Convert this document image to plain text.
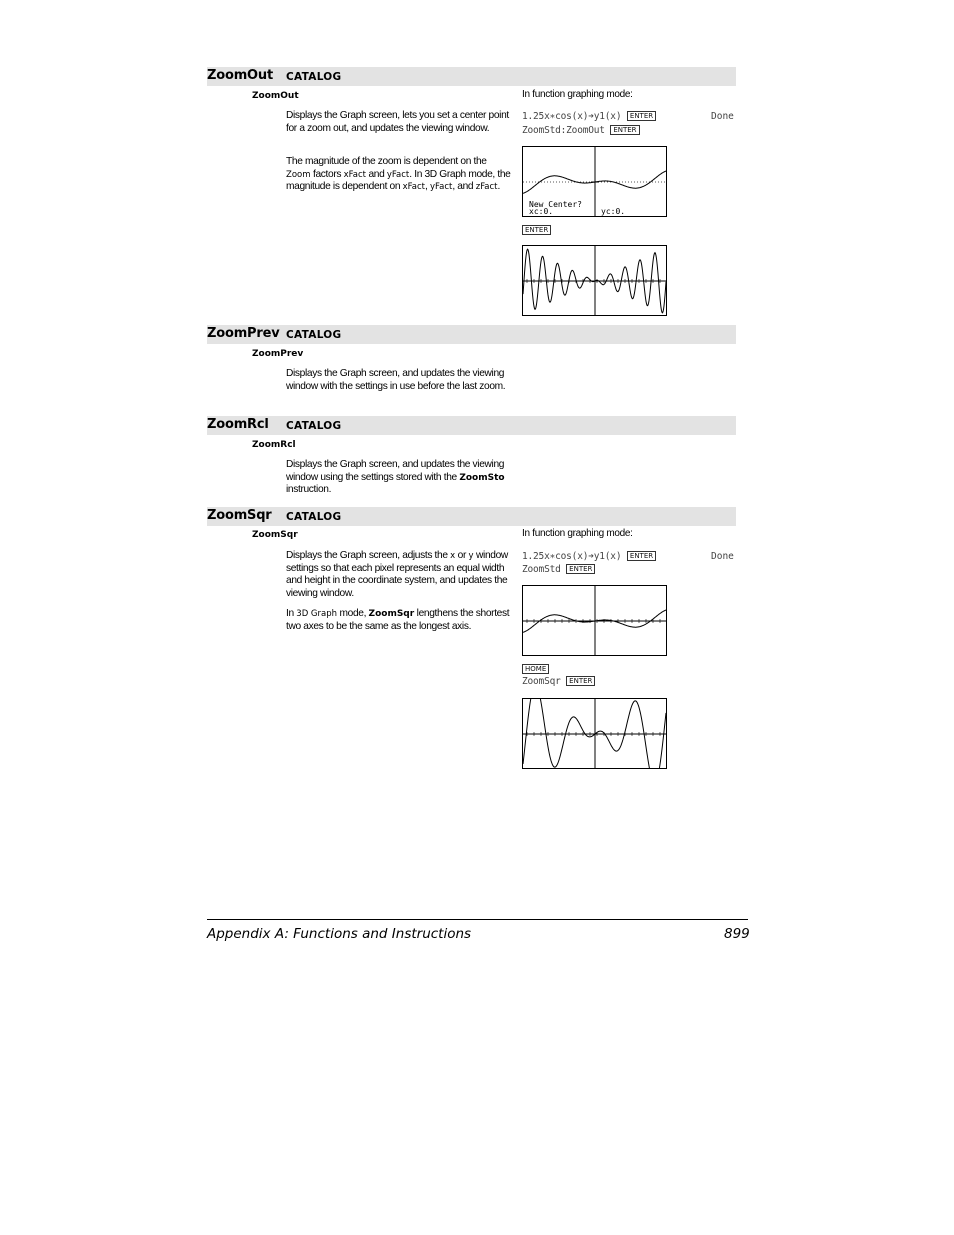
ZoomOut CATALOG
ZoomOut

Displays the Graph screen, lets you set a center point for a zoom out, and updates the viewing window.

The magnitude of the zoom is dependent on the Zoom factors xFact and yFact. In 3D Graph mode, the magnitude is dependent on xFact, yFact, and zFact.

In function graphing mode:
1.25x∗cos(x)➔y1(x) ENTER	Done
ZoomStd:ZoomOut ENTER
New Center?
xc:0.	yc:0.
ENTER
ZoomPrev CATALOG
ZoomPrev

Displays the Graph screen, and updates the viewing window with the settings in use before the last zoom.

ZoomRcl CATALOG
ZoomRcl

Displays the Graph screen, and updates the viewing window using the settings stored with the ZoomSto instruction.

ZoomSqr CATALOG
ZoomSqr

Displays the Graph screen, adjusts the x or y window settings so that each pixel represents an equal width and height in the coordinate system, and updates the viewing window.

In 3D Graph mode, ZoomSqr lengthens the shortest two axes to be the same as the longest axis.

In function graphing mode:
1.25x∗cos(x)➔y1(x) ENTER	Done
ZoomStd ENTER
HOME
ZoomSqr ENTER
Appendix A: Functions and Instructions	899
